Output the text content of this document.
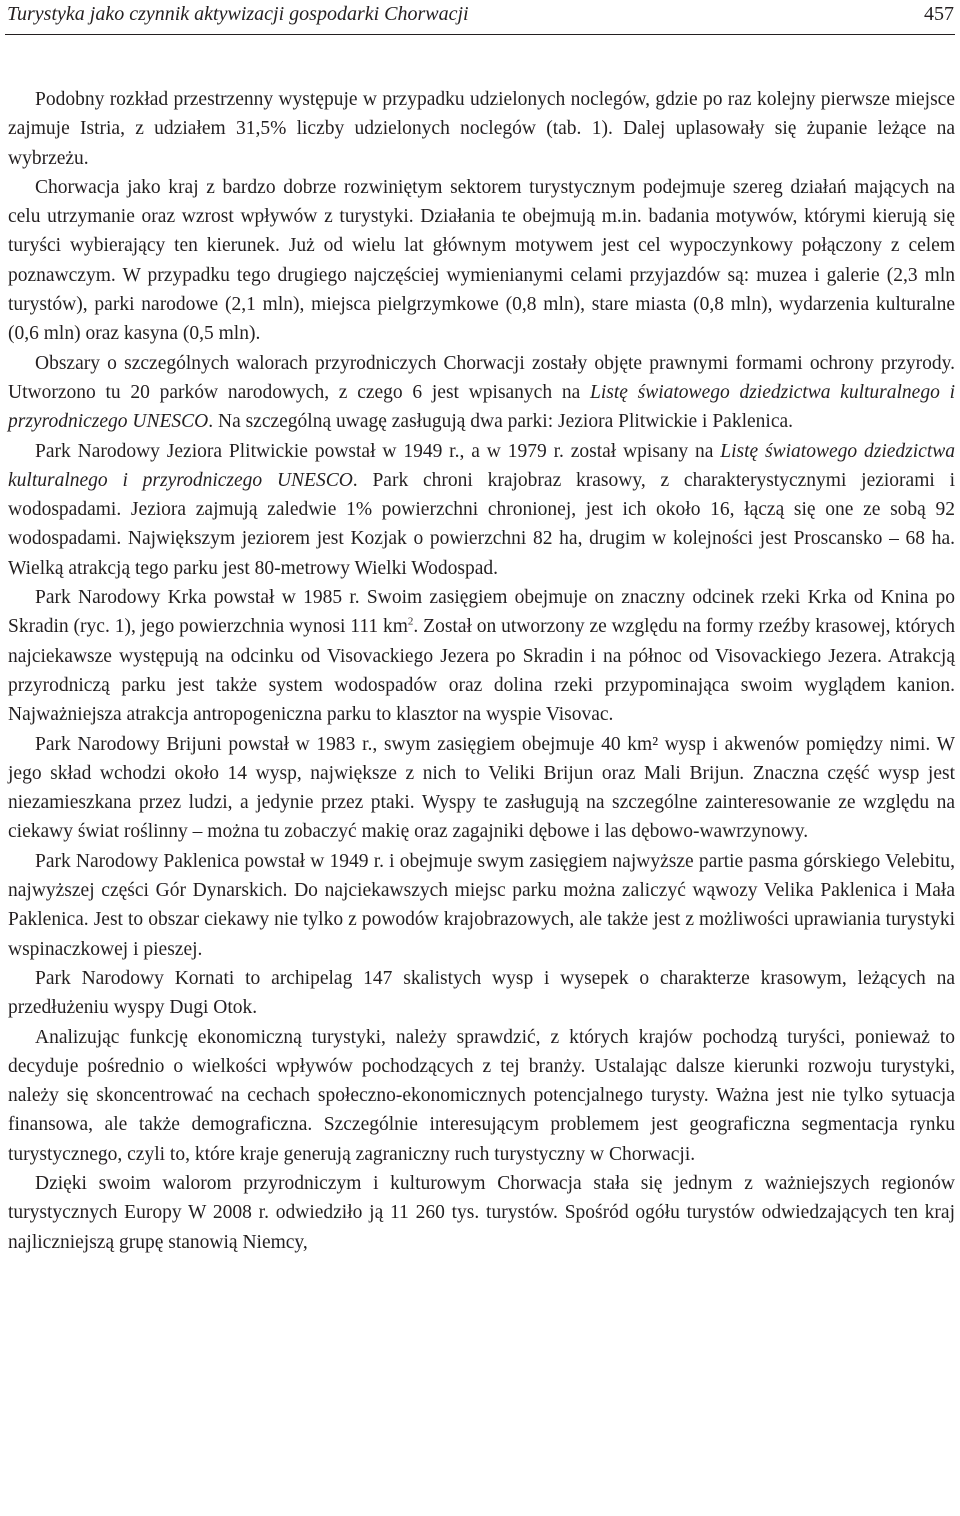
Turystyka jako czynnik aktywizacji gospodarki Chorwacji	457

Podobny rozkład przestrzenny występuje w przypadku udzielonych noclegów, gdzie po raz kolejny pierwsze miejsce zajmuje Istria, z udziałem 31,5% liczby udzielonych noclegów (tab. 1). Dalej uplasowały się żupanie leżące na wybrzeżu.

Chorwacja jako kraj z bardzo dobrze rozwiniętym sektorem turystycznym podejmuje szereg działań mających na celu utrzymanie oraz wzrost wpływów z turystyki. Działania te obejmują m.in. badania motywów, którymi kierują się turyści wybierający ten kierunek. Już od wielu lat głównym motywem jest cel wypoczynkowy połączony z celem poznawczym. W przypadku tego drugiego najczęściej wymienianymi celami przyjazdów są: muzea i galerie (2,3 mln turystów), parki narodowe (2,1 mln), miejsca pielgrzymkowe (0,8 mln), stare miasta (0,8 mln), wydarzenia kulturalne (0,6 mln) oraz kasyna (0,5 mln).

Obszary o szczególnych walorach przyrodniczych Chorwacji zostały objęte prawnymi formami ochrony przyrody. Utworzono tu 20 parków narodowych, z czego 6 jest wpisanych na Listę światowego dziedzictwa kulturalnego i przyrodniczego UNESCO. Na szczególną uwagę zasługują dwa parki: Jeziora Plitwickie i Paklenica.

Park Narodowy Jeziora Plitwickie powstał w 1949 r., a w 1979 r. został wpisany na Listę światowego dziedzictwa kulturalnego i przyrodniczego UNESCO. Park chroni krajobraz krasowy, z charakterystycznymi jeziorami i wodospadami. Jeziora zajmują zaledwie 1% powierzchni chronionej, jest ich około 16, łączą się one ze sobą 92 wodospadami. Największym jeziorem jest Kozjak o powierzchni 82 ha, drugim w kolejności jest Proscansko – 68 ha. Wielką atrakcją tego parku jest 80-metrowy Wielki Wodospad.

Park Narodowy Krka powstał w 1985 r. Swoim zasięgiem obejmuje on znaczny odcinek rzeki Krka od Knina po Skradin (ryc. 1), jego powierzchnia wynosi 111 $km^2$. Został on utworzony ze względu na formy rzeźby krasowej, których najciekawsze występują na odcinku od Visovackiego Jezera po Skradin i na północ od Visovackiego Jezera. Atrakcją przyrodniczą parku jest także system wodospadów oraz dolina rzeki przypominająca swoim wyglądem kanion. Najważniejsza atrakcja antropogeniczna parku to klasztor na wyspie Visovac.

Park Narodowy Brijuni powstał w 1983 r., swym zasięgiem obejmuje 40 km² wysp i akwenów pomiędzy nimi. W jego skład wchodzi około 14 wysp, największe z nich to Veliki Brijun oraz Mali Brijun. Znaczna część wysp jest niezamieszkana przez ludzi, a jedynie przez ptaki. Wyspy te zasługują na szczególne zainteresowanie ze względu na ciekawy świat roślinny – można tu zobaczyć makię oraz zagajniki dębowe i las dębowo-wawrzynowy.

Park Narodowy Paklenica powstał w 1949 r. i obejmuje swym zasięgiem najwyższe partie pasma górskiego Velebitu, najwyższej części Gór Dynarskich. Do najciekawszych miejsc parku można zaliczyć wąwozy Velika Paklenica i Mała Paklenica. Jest to obszar ciekawy nie tylko z powodów krajobrazowych, ale także jest z możliwości uprawiania turystyki wspinaczkowej i pieszej.

Park Narodowy Kornati to archipelag 147 skalistych wysp i wysepek o charakterze krasowym, leżących na przedłużeniu wyspy Dugi Otok.

Analizując funkcję ekonomiczną turystyki, należy sprawdzić, z których krajów pochodzą turyści, ponieważ to decyduje pośrednio o wielkości wpływów pochodzących z tej branży. Ustalając dalsze kierunki rozwoju turystyki, należy się skoncentrować na cechach społeczno-ekonomicznych potencjalnego turysty. Ważna jest nie tylko sytuacja finansowa, ale także demograficzna. Szczególnie interesującym problemem jest geograficzna segmentacja rynku turystycznego, czyli to, które kraje generują zagraniczny ruch turystyczny w Chorwacji.

Dzięki swoim walorom przyrodniczym i kulturowym Chorwacja stała się jednym z ważniejszych regionów turystycznych Europy W 2008 r. odwiedziło ją 11 260 tys. turystów. Spośród ogółu turystów odwiedzających ten kraj najliczniejszą grupę stanowią Niemcy,
